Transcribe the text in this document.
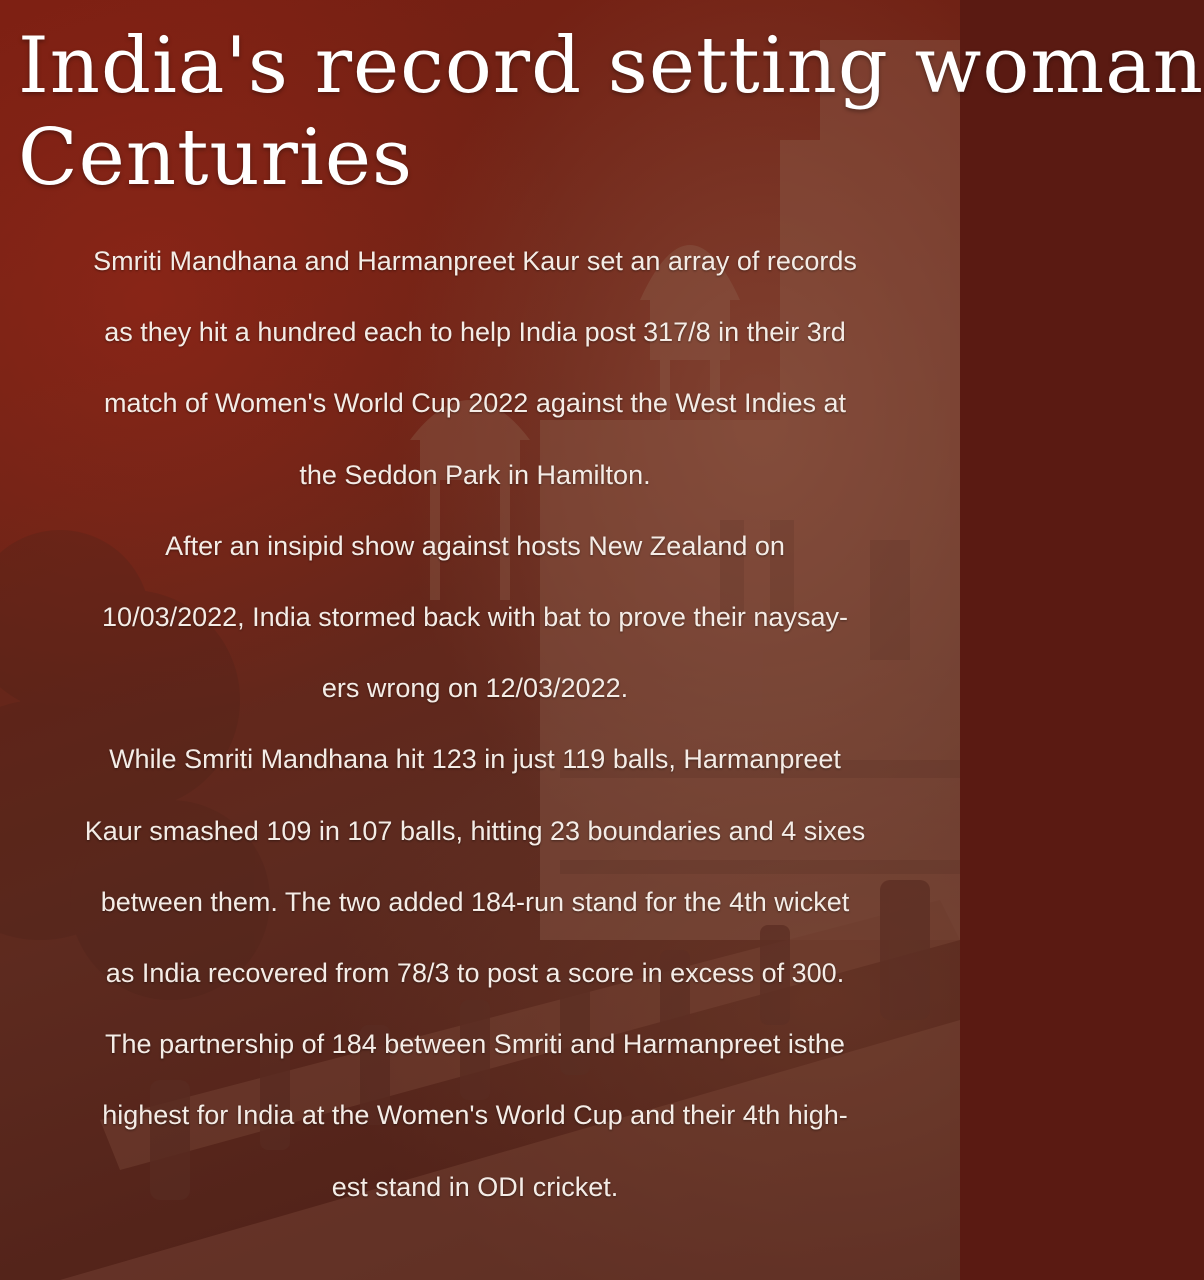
India's record setting woman
Centuries
Smriti Mandhana and Harmanpreet Kaur set an array of records
as they hit a hundred each to help India post 317/8 in their 3rd
match of Women's World Cup 2022 against the West Indies at
the Seddon Park in Hamilton.
After an insipid show against hosts New Zealand on
10/03/2022, India stormed back with bat to prove their naysay-
ers wrong on 12/03/2022.
While Smriti Mandhana hit 123 in just 119 balls, Harmanpreet
Kaur smashed 109 in 107 balls, hitting 23 boundaries and 4 sixes
between them. The two added 184-run stand for the 4th wicket
as India recovered from 78/3 to post a score in excess of 300.
The partnership of 184 between Smriti and Harmanpreet isthe
highest for India at the Women's World Cup and their 4th high-
est stand in ODI cricket.
